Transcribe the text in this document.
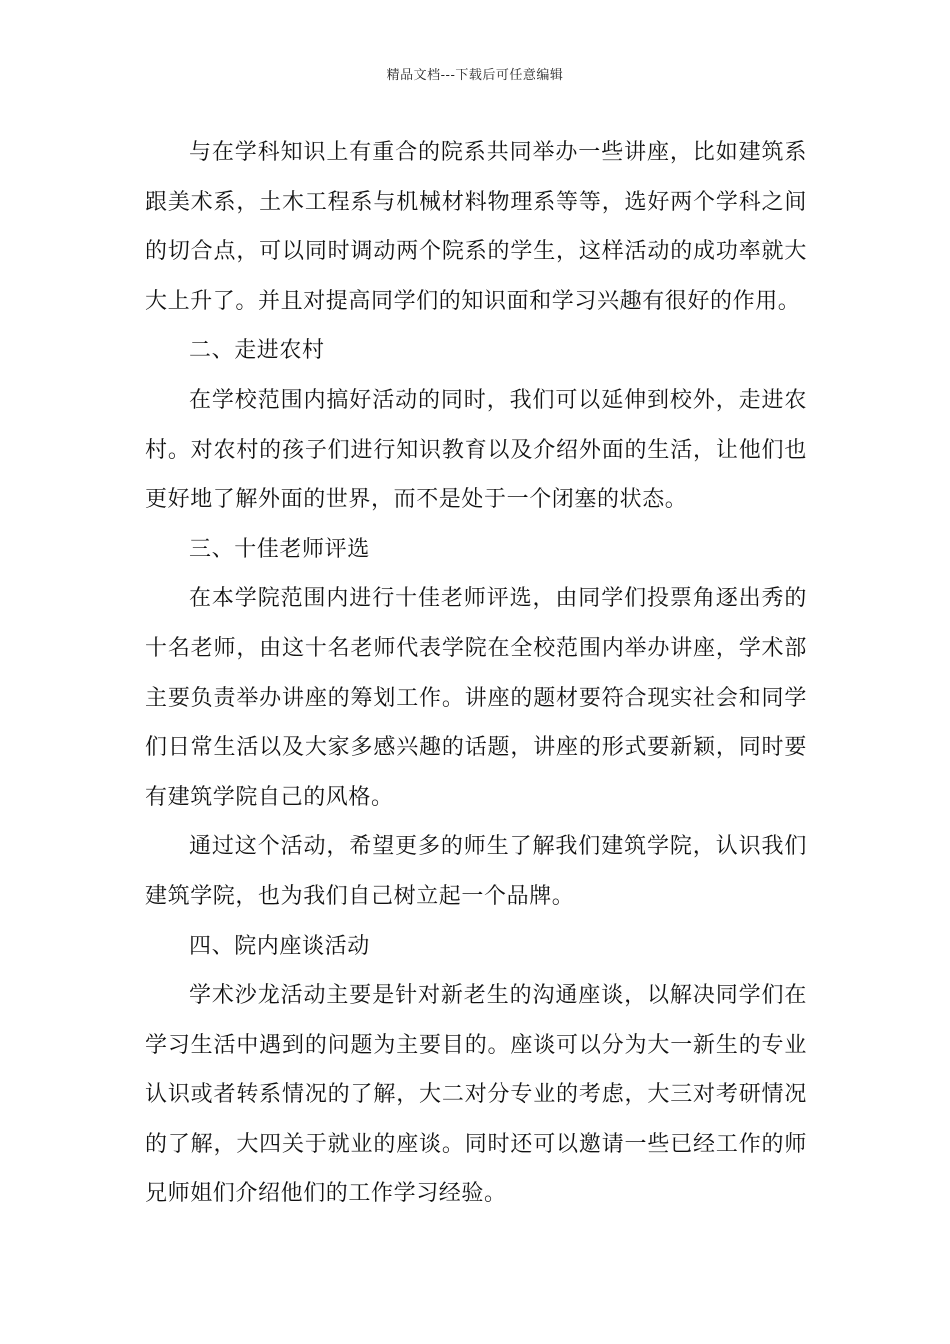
精品文档---下载后可任意编辑

与在学科知识上有重合的院系共同举办一些讲座，比如建筑系跟美术系，土木工程系与机械材料物理系等等，选好两个学科之间的切合点，可以同时调动两个院系的学生，这样活动的成功率就大大上升了。并且对提高同学们的知识面和学习兴趣有很好的作用。

二、走进农村

在学校范围内搞好活动的同时，我们可以延伸到校外，走进农村。对农村的孩子们进行知识教育以及介绍外面的生活，让他们也更好地了解外面的世界，而不是处于一个闭塞的状态。

三、十佳老师评选

在本学院范围内进行十佳老师评选，由同学们投票角逐出秀的十名老师，由这十名老师代表学院在全校范围内举办讲座，学术部主要负责举办讲座的筹划工作。讲座的题材要符合现实社会和同学们日常生活以及大家多感兴趣的话题，讲座的形式要新颖，同时要有建筑学院自己的风格。

通过这个活动，希望更多的师生了解我们建筑学院，认识我们建筑学院，也为我们自己树立起一个品牌。

四、院内座谈活动

学术沙龙活动主要是针对新老生的沟通座谈，以解决同学们在学习生活中遇到的问题为主要目的。座谈可以分为大一新生的专业认识或者转系情况的了解，大二对分专业的考虑，大三对考研情况的了解，大四关于就业的座谈。同时还可以邀请一些已经工作的师兄师姐们介绍他们的工作学习经验。
